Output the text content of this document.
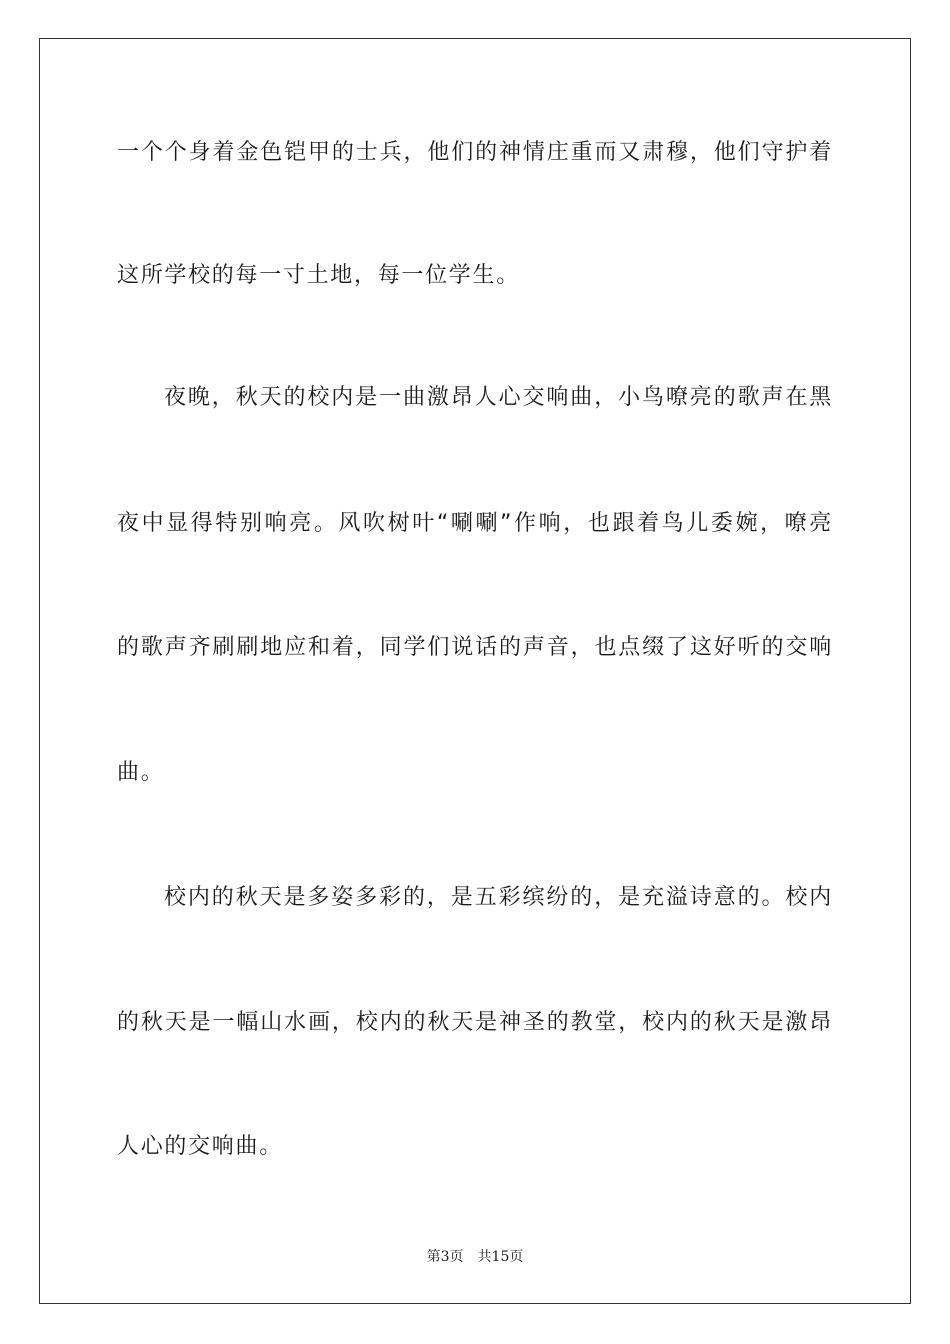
一个个身着金色铠甲的士兵，他们的神情庄重而又肃穆，他们守护着
这所学校的每一寸土地，每一位学生。
夜晚，秋天的校内是一曲激昂人心交响曲，小鸟嘹亮的歌声在黑
夜中显得特别响亮。风吹树叶“唰唰”作响，也跟着鸟儿委婉，嘹亮
的歌声齐刷刷地应和着，同学们说话的声音，也点缀了这好听的交响
曲。
校内的秋天是多姿多彩的，是五彩缤纷的，是充溢诗意的。校内
的秋天是一幅山水画，校内的秋天是神圣的教堂，校内的秋天是激昂
人心的交响曲。
第3页 共15页
